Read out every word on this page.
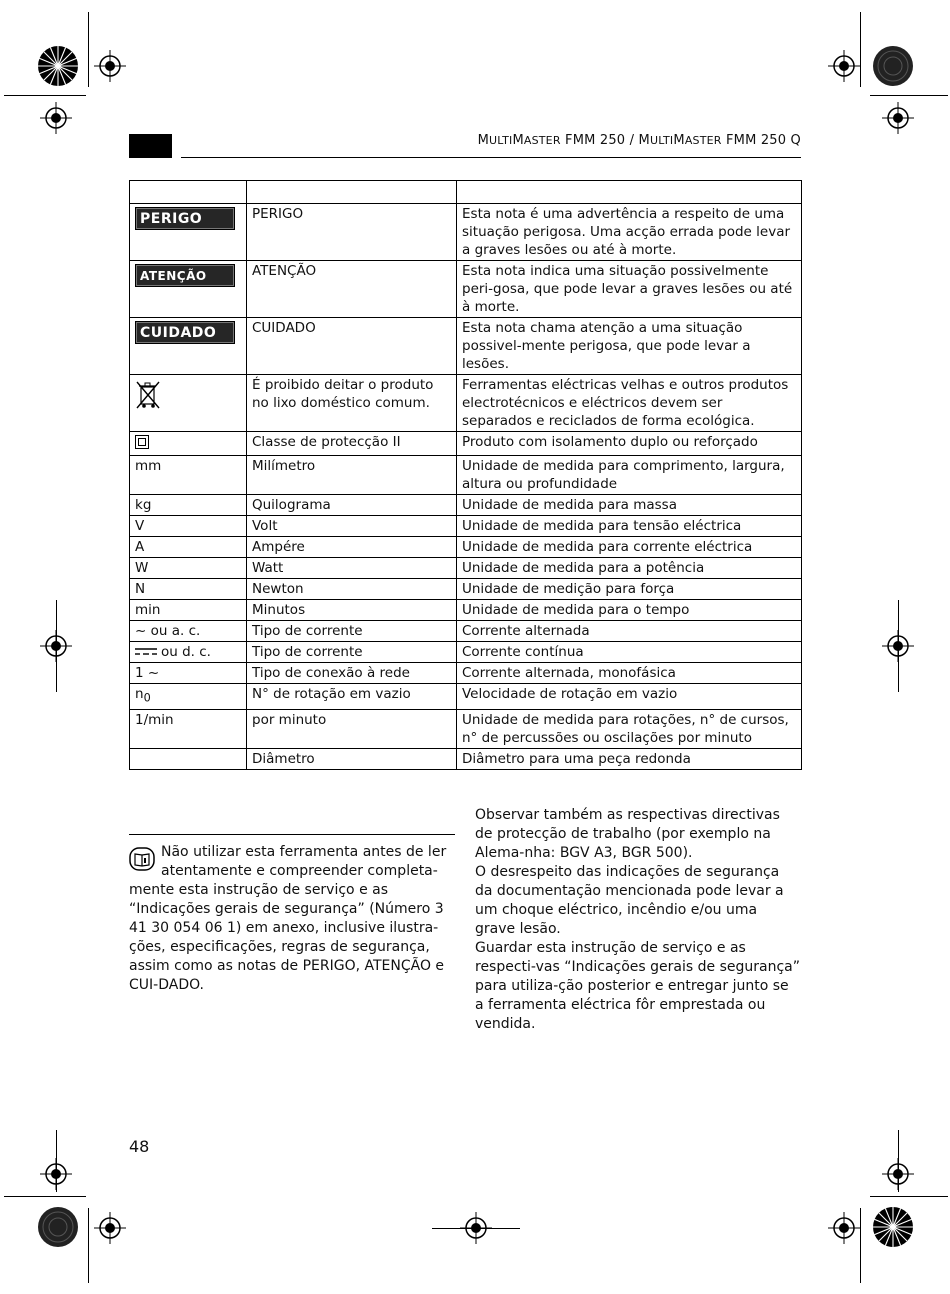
MULTIMASTER FMM 250 / MULTIMASTER FMM 250 Q

PERIGO	PERIGO	Esta nota é uma advertência a respeito de uma situação perigosa. Uma acção errada pode levar a graves lesões ou até à morte.
ATENÇÃO	ATENÇÃO	Esta nota indica uma situação possivelmente peri-gosa, que pode levar a graves lesões ou até à morte.
CUIDADO	CUIDADO	Esta nota chama atenção a uma situação possivel-mente perigosa, que pode levar a lesões.
	É proibido deitar o produto no lixo doméstico comum.	Ferramentas eléctricas velhas e outros produtos electrotécnicos e eléctricos devem ser separados e reciclados de forma ecológica.
	Classe de protecção II	Produto com isolamento duplo ou reforçado
mm	Milímetro	Unidade de medida para comprimento, largura, altura ou profundidade
kg	Quilograma	Unidade de medida para massa
V	Volt	Unidade de medida para tensão eléctrica
A	Ampére	Unidade de medida para corrente eléctrica
W	Watt	Unidade de medida para a potência
N	Newton	Unidade de medição para força
min	Minutos	Unidade de medida para o tempo
~ ou a. c.	Tipo de corrente	Corrente alternada
ou d. c.	Tipo de corrente	Corrente contínua
1 ~	Tipo de conexão à rede	Corrente alternada, monofásica
$n_0$	N° de rotação em vazio	Velocidade de rotação em vazio
1/min	por minuto	Unidade de medida para rotações, n° de cursos, n° de percussões ou oscilações por minuto
	Diâmetro	Diâmetro para uma peça redonda

Não utilizar esta ferramenta antes de ler atentamente e compreender completa-mente esta instrução de serviço e as “Indicações gerais de segurança” (Número 3 41 30 054 06 1) em anexo, inclusive ilustra-ções, especificações, regras de segurança, assim como as notas de PERIGO, ATENÇÃO e CUI-DADO.

Observar também as respectivas directivas de protecção de trabalho (por exemplo na Alema-nha: BGV A3, BGR 500).

O desrespeito das indicações de segurança da documentação mencionada pode levar a um choque eléctrico, incêndio e/ou uma grave lesão.

Guardar esta instrução de serviço e as respecti-vas “Indicações gerais de segurança” para utiliza-ção posterior e entregar junto se a ferramenta eléctrica fôr emprestada ou vendida.

48
